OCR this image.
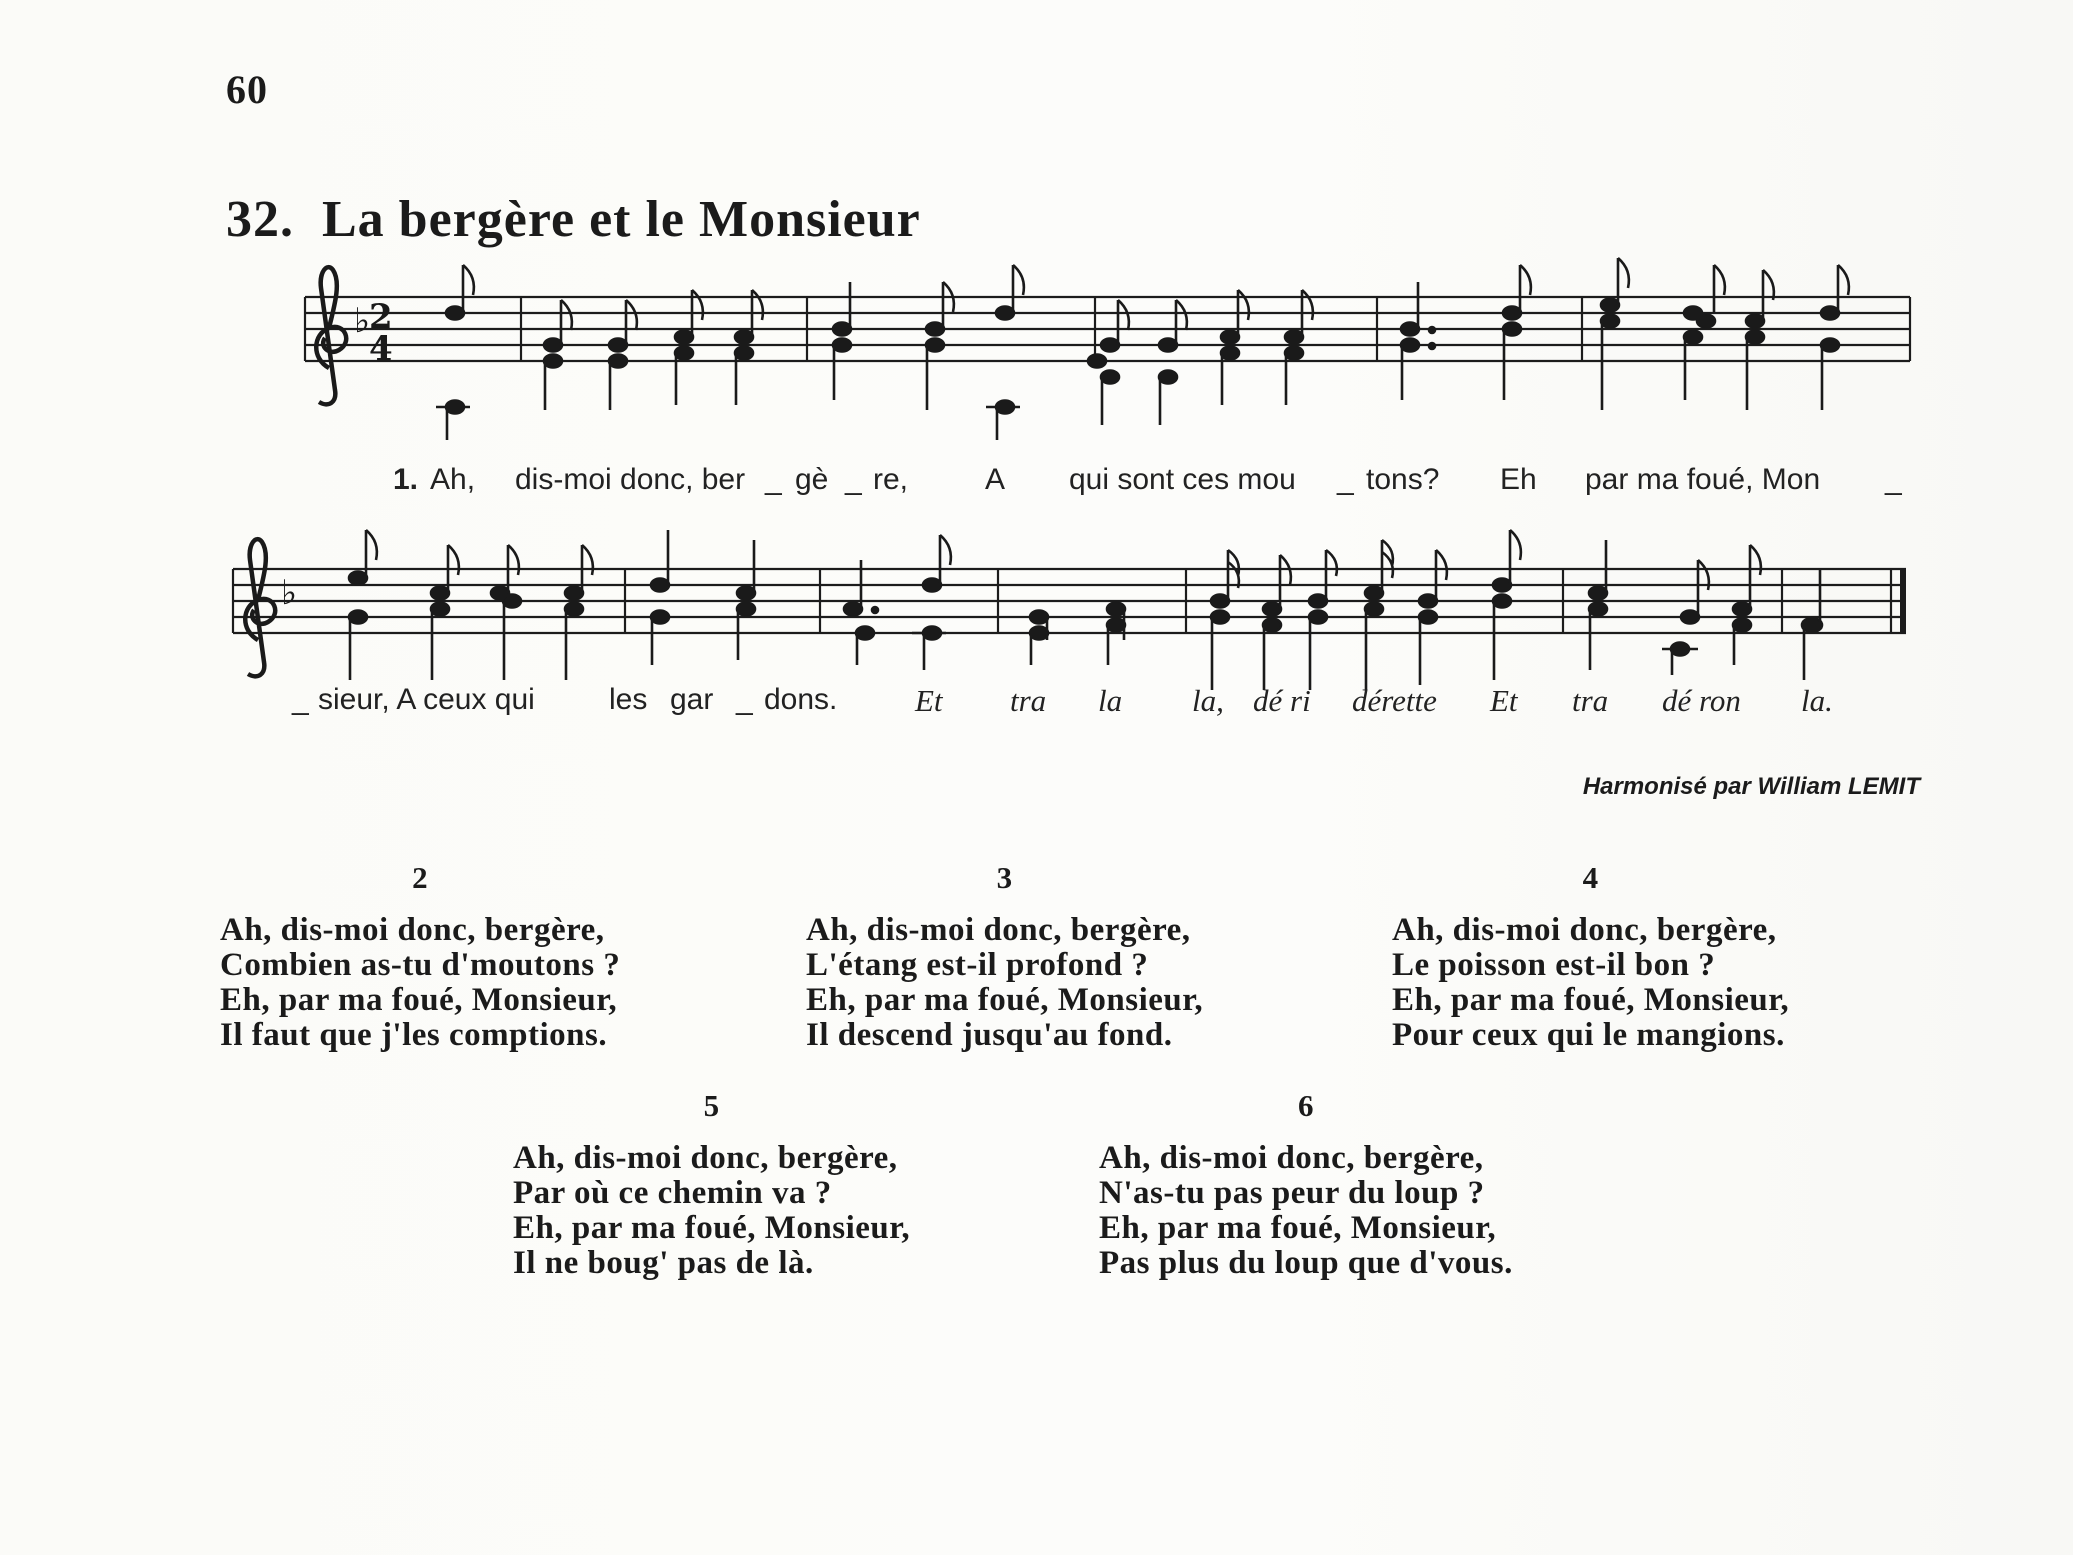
60
32. La bergère et le Monsieur
♭
2
4
♭
1. Ah, dis-moi donc, ber _ gè _ re,	A qui sont ces mou _ tons? Eh par ma foué, Mon _
_ sieur, A ceux qui les gar _ dons.	Et tra la la, dé ri dérette Et tra dé ron la.
Harmonisé par William LEMIT
2
Ah, dis-moi donc, bergère,
Combien as-tu d'moutons ?
Eh, par ma foué, Monsieur,
Il faut que j'les comptions.
3
Ah, dis-moi donc, bergère,
L'étang est-il profond ?
Eh, par ma foué, Monsieur,
Il descend jusqu'au fond.
4
Ah, dis-moi donc, bergère,
Le poisson est-il bon ?
Eh, par ma foué, Monsieur,
Pour ceux qui le mangions.
5
Ah, dis-moi donc, bergère,
Par où ce chemin va ?
Eh, par ma foué, Monsieur,
Il ne boug' pas de là.
6
Ah, dis-moi donc, bergère,
N'as-tu pas peur du loup ?
Eh, par ma foué, Monsieur,
Pas plus du loup que d'vous.
